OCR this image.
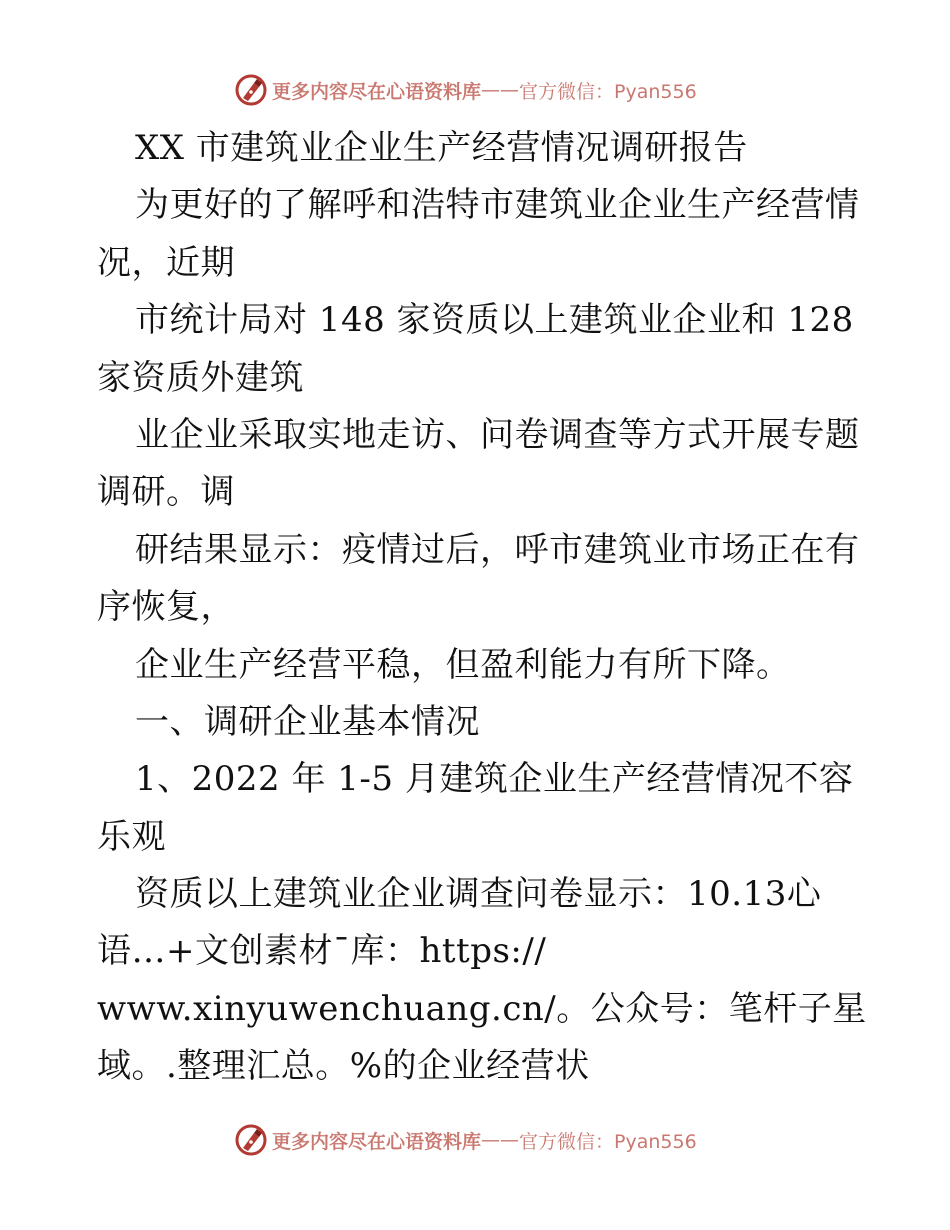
更多内容尽在心语资料库 —— 官方微信：Pyan556
XX 市建筑业企业生产经营情况调研报告
为更好的了解呼和浩特市建筑业企业生产经营情
况，近期
市统计局对 148 家资质以上建筑业企业和 128
家资质外建筑
业企业采取实地走访、问卷调查等方式开展专题
调研。调
研结果显示：疫情过后，呼市建筑业市场正在有
序恢复，
企业生产经营平稳，但盈利能力有所下降。
一、调研企业基本情况
1、2022 年 1-5 月建筑企业生产经营情况不容
乐观
资质以上建筑业企业调查问卷显示：10.13心
语…+文创素材¯库：https://
www.xinyuwenchuang.cn/。公众号：笔杆子星
域。.整理汇总。%的企业经营状
更多内容尽在心语资料库 —— 官方微信：Pyan556
